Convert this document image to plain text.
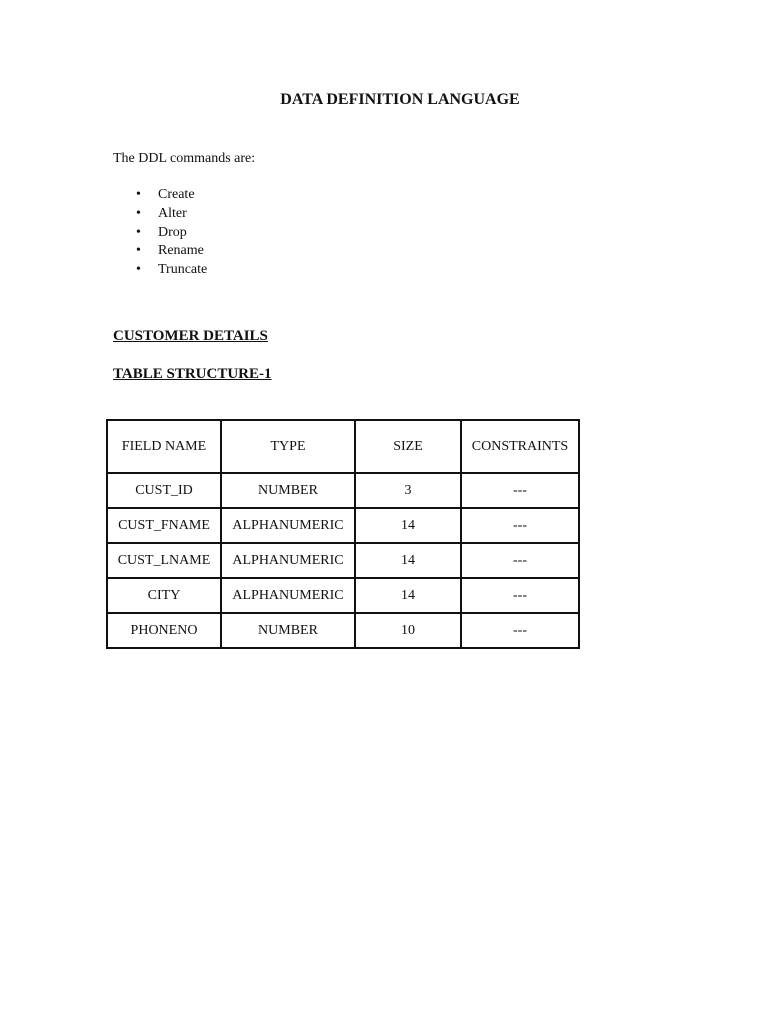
DATA DEFINITION LANGUAGE

The DDL commands are:

• Create
• Alter
• Drop
• Rename
• Truncate
CUSTOMER DETAILS
TABLE STRUCTURE-1
FIELD NAME	TYPE	SIZE	CONSTRAINTS
CUST_ID	NUMBER	3	---
CUST_FNAME	ALPHANUMERIC	14	---
CUST_LNAME	ALPHANUMERIC	14	---
CITY	ALPHANUMERIC	14	---
PHONENO	NUMBER	10	---
